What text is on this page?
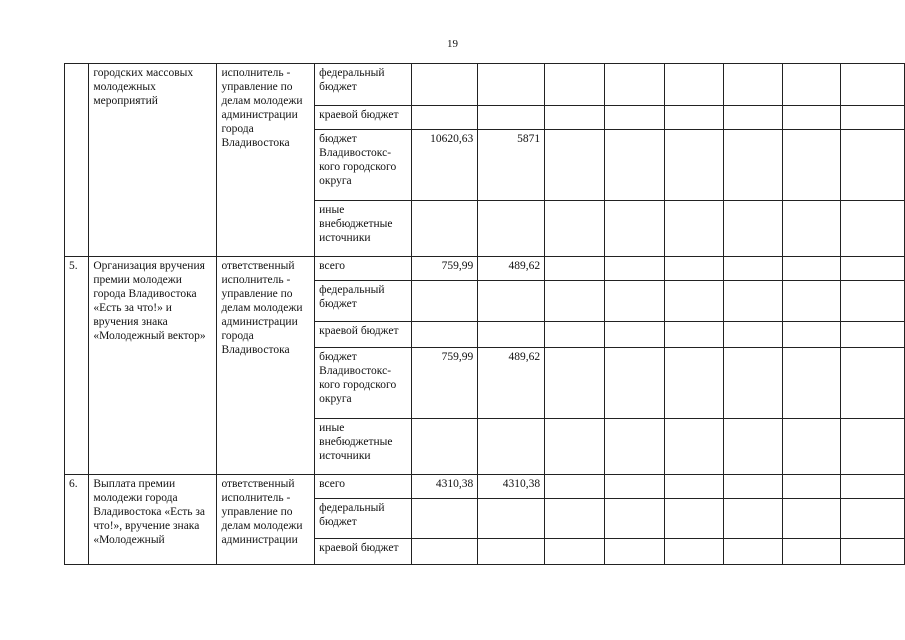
19
	городских массовых молодежных мероприятий	исполнитель - управление по делам молодежи администрации города Владивостока	федеральный бюджет								
			краевой бюджет								
			бюджет Владивостокс-кого городского округа	10620,63	5871						
			иные внебюджетные источники								
5.	Организация вручения премии молодежи города Владивостока «Есть за что!» и вручения знака «Молодежный вектор»	ответственный исполнитель - управление по делам молодежи администрации города Владивостока	всего	759,99	489,62						
			федеральный бюджет								
			краевой бюджет								
			бюджет Владивостокс-кого городского округа	759,99	489,62						
			иные внебюджетные источники								
6.	Выплата премии молодежи города Владивостока «Есть за что!», вручение знака «Молодежный	ответственный исполнитель - управление по делам молодежи администрации	всего	4310,38	4310,38						
			федеральный бюджет								
			краевой бюджет								
